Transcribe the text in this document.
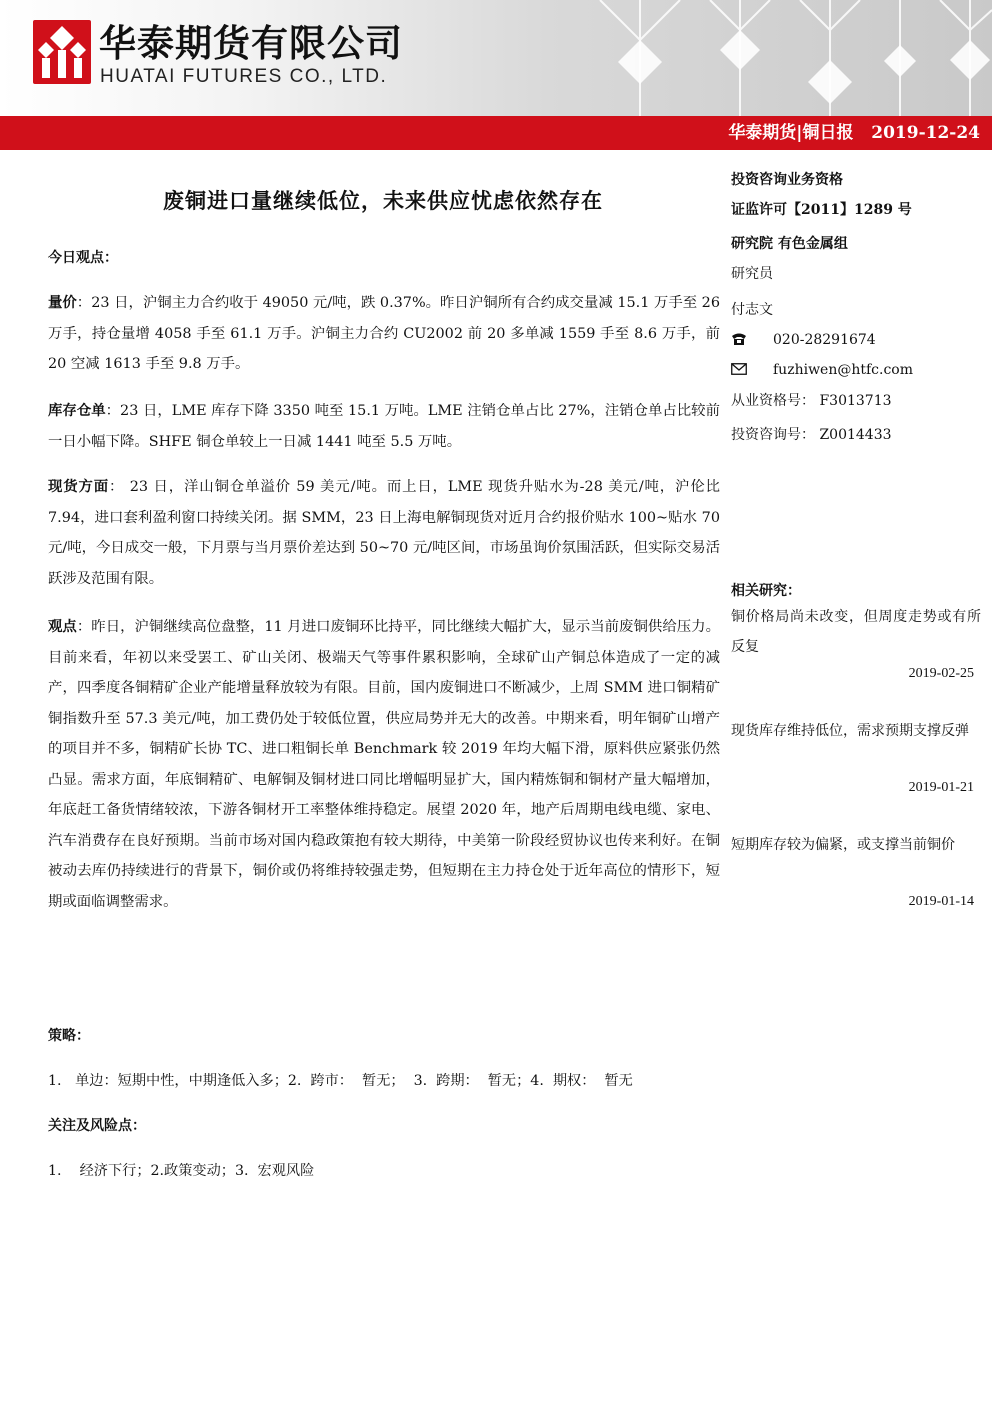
华泰期货有限公司
HUATAI FUTURES CO., LTD.
华泰期货|铜日报   2019-12-24
废铜进口量继续低位，未来供应忧虑依然存在
今日观点：

量价：23 日，沪铜主力合约收于 49050 元/吨，跌 0.37%。昨日沪铜所有合约成交量减 15.1 万手至 26 万手，持仓量增 4058 手至 61.1 万手。沪铜主力合约 CU2002 前 20 多单减 1559 手至 8.6 万手，前 20 空减 1613 手至 9.8 万手。

库存仓单：23 日，LME 库存下降 3350 吨至 15.1 万吨。LME 注销仓单占比 27%，注销仓单占比较前一日小幅下降。SHFE 铜仓单较上一日减 1441 吨至 5.5 万吨。

现货方面： 23 日，洋山铜仓单溢价 59 美元/吨。而上日，LME 现货升贴水为-28 美元/吨，沪伦比 7.94，进口套利盈利窗口持续关闭。据 SMM，23 日上海电解铜现货对近月合约报价贴水 100~贴水 70 元/吨，今日成交一般，下月票与当月票价差达到 50~70 元/吨区间，市场虽询价氛围活跃，但实际交易活跃涉及范围有限。

观点：昨日，沪铜继续高位盘整，11 月进口废铜环比持平，同比继续大幅扩大，显示当前废铜供给压力。目前来看，年初以来受罢工、矿山关闭、极端天气等事件累积影响，全球矿山产铜总体造成了一定的减产，四季度各铜精矿企业产能增量释放较为有限。目前，国内废铜进口不断减少，上周 SMM 进口铜精矿铜指数升至 57.3 美元/吨，加工费仍处于较低位置，供应局势并无大的改善。中期来看，明年铜矿山增产的项目并不多，铜精矿长协 TC、进口粗铜长单 Benchmark 较 2019 年均大幅下滑，原料供应紧张仍然凸显。需求方面，年底铜精矿、电解铜及铜材进口同比增幅明显扩大，国内精炼铜和铜材产量大幅增加，年底赶工备货情绪较浓，下游各铜材开工率整体维持稳定。展望 2020 年，地产后周期电线电缆、家电、汽车消费存在良好预期。当前市场对国内稳政策抱有较大期待，中美第一阶段经贸协议也传来利好。在铜被动去库仍持续进行的背景下，铜价或仍将维持较强走势，但短期在主力持仓处于近年高位的情形下，短期或面临调整需求。

策略：
1.   单边：短期中性，中期逢低入多；2.  跨市：  暂无；  3.  跨期：  暂无；4.  期权：  暂无
关注及风险点：
1.    经济下行；2.政策变动；3.  宏观风险
投资咨询业务资格
证监许可【2011】1289 号
研究院 有色金属组
研究员
付志文
020-28291674
fuzhiwen@htfc.com
从业资格号： F3013713
投资咨询号： Z0014433
相关研究：

铜价格局尚未改变，但周度走势或有所反复

2019-02-25

现货库存维持低位，需求预期支撑反弹

2019-01-21

短期库存较为偏紧，或支撑当前铜价

2019-01-14
